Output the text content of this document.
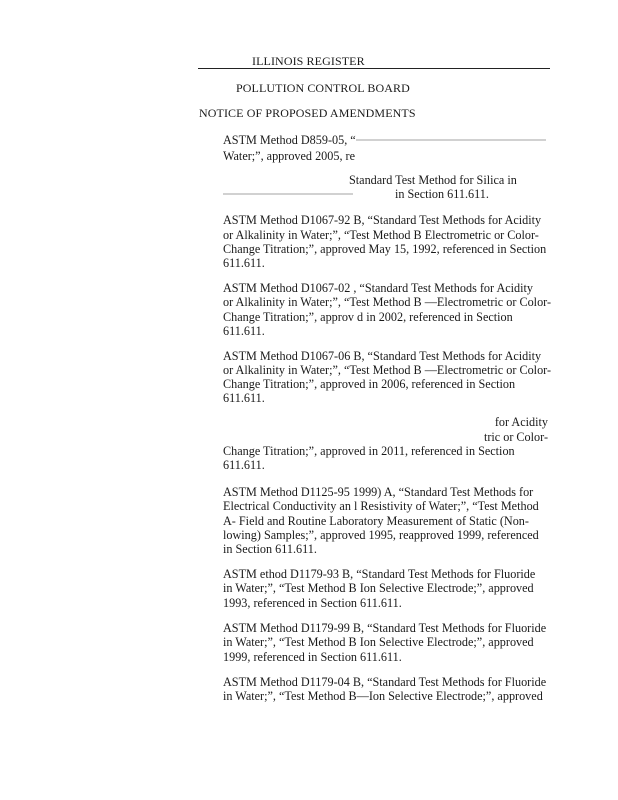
ILLINOIS REGISTER
POLLUTION CONTROL BOARD
NOTICE OF PROPOSED AMENDMENTS
ASTM Method D859-05, “
Water;”, approved 2005, re
Standard Test Method for Silica in
in Section 611.611.
ASTM Method D1067-92 B, “Standard Test Methods for Acidity
or Alkalinity in Water;”, “Test Method B Electrometric or Color-
Change Titration;”, approved May 15, 1992, referenced in Section
611.611.
ASTM Method D1067-02 , “Standard Test Methods for Acidity
or Alkalinity in Water;”, “Test Method B —Electrometric or Color-
Change Titration;”, approv d in 2002, referenced in Section
611.611.
ASTM Method D1067-06 B, “Standard Test Methods for Acidity
or Alkalinity in Water;”, “Test Method B —Electrometric or Color-
Change Titration;”, approved in 2006, referenced in Section
611.611.
for Acidity
tric or Color-
Change Titration;”, approved in 2011, referenced in Section
611.611.
ASTM Method D1125-95 1999) A, “Standard Test Methods for
Electrical Conductivity an l Resistivity of Water;”, “Test Method
A- Field and Routine Laboratory Measurement of Static (Non-
lowing) Samples;”, approved 1995, reapproved 1999, referenced
in Section 611.611.
ASTM ethod D1179-93 B, “Standard Test Methods for Fluoride
in Water;”, “Test Method B Ion Selective Electrode;”, approved
1993, referenced in Section 611.611.
ASTM Method D1179-99 B, “Standard Test Methods for Fluoride
in Water;”, “Test Method B Ion Selective Electrode;”, approved
1999, referenced in Section 611.611.
ASTM Method D1179-04 B, “Standard Test Methods for Fluoride
in Water;”, “Test Method B—Ion Selective Electrode;”, approved
